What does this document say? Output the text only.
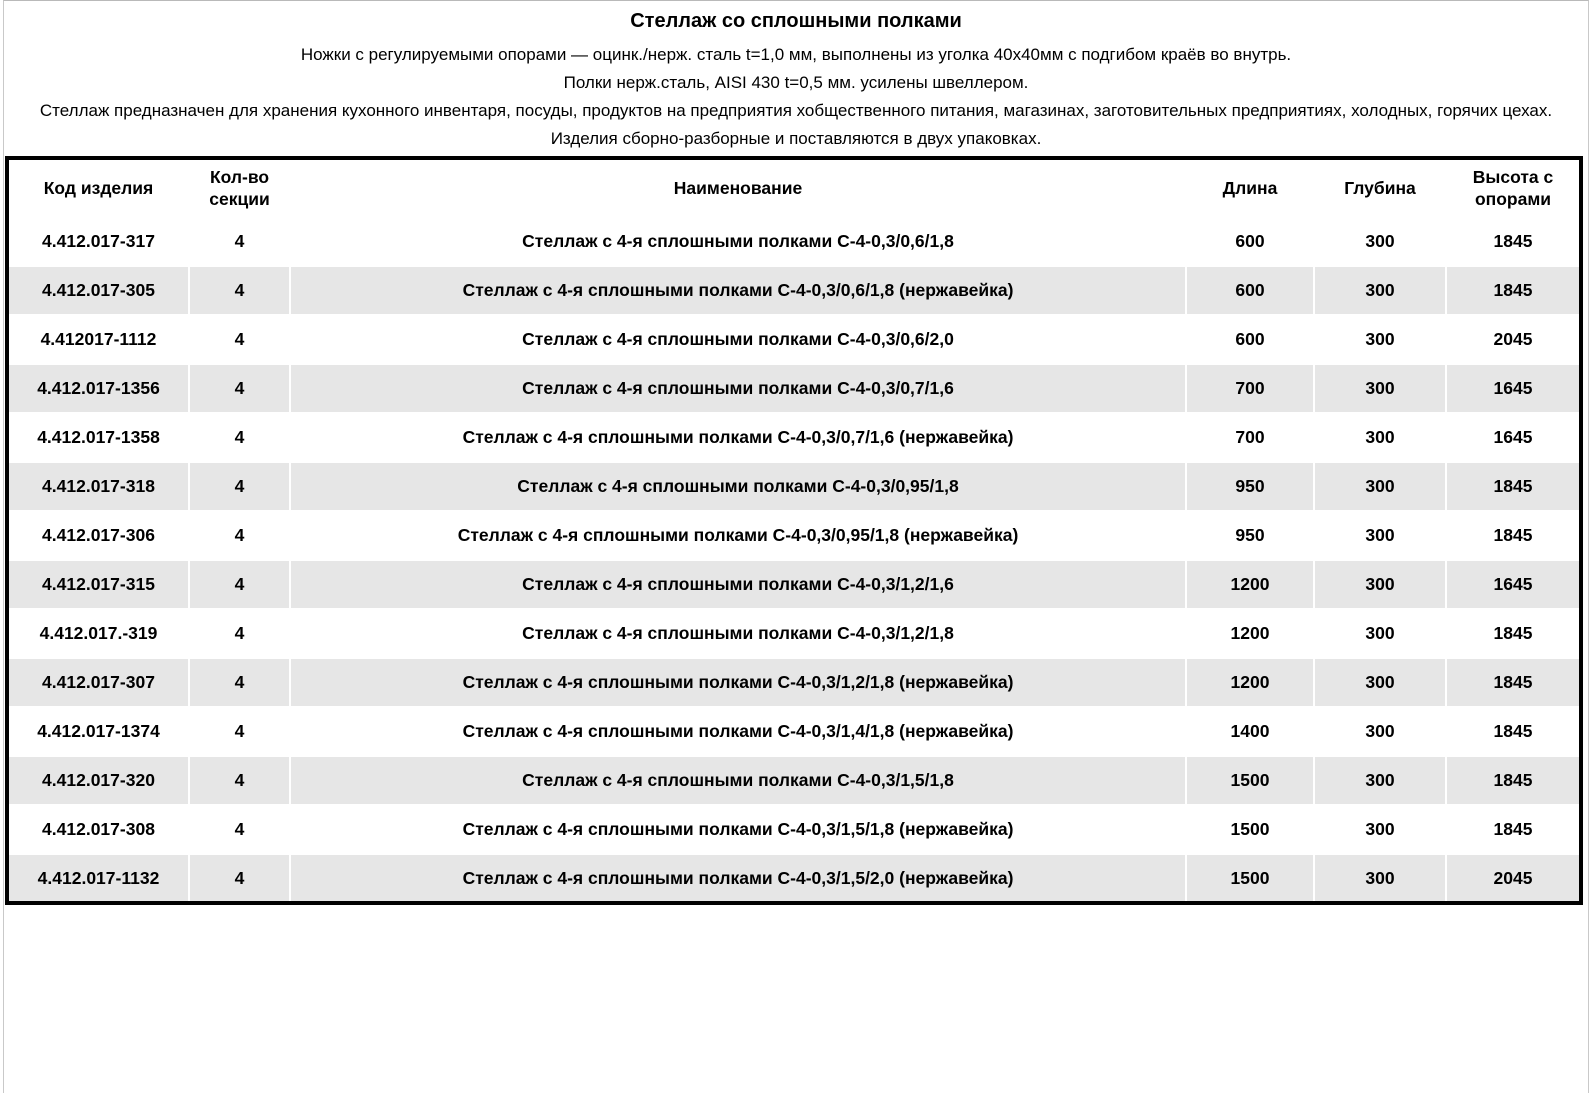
Стеллаж со сплошными полками
Ножки с регулируемыми опорами — оцинк./нерж. сталь t=1,0 мм, выполнены из уголка 40х40мм с подгибом краёв во внутрь.
Полки нерж.сталь, AISI 430 t=0,5 мм. усилены швеллером.
Стеллаж предназначен для хранения кухонного инвентаря, посуды, продуктов на предприятия хобщественного питания, магазинах, заготовительных предприятиях, холодных, горячих цехах. Изделия сборно-разборные и поставляются в двух упаковках.
Код изделия	Кол-во секции	Наименование	Длина	Глубина	Высота с опорами
4.412.017-317	4	Стеллаж с 4-я сплошными полками С-4-0,3/0,6/1,8	600	300	1845
4.412.017-305	4	Стеллаж с 4-я сплошными полками С-4-0,3/0,6/1,8 (нержавейка)	600	300	1845
4.412017-1112	4	Стеллаж с 4-я сплошными полками С-4-0,3/0,6/2,0	600	300	2045
4.412.017-1356	4	Стеллаж с 4-я сплошными полками С-4-0,3/0,7/1,6	700	300	1645
4.412.017-1358	4	Стеллаж с 4-я сплошными полками С-4-0,3/0,7/1,6 (нержавейка)	700	300	1645
4.412.017-318	4	Стеллаж с 4-я сплошными полками С-4-0,3/0,95/1,8	950	300	1845
4.412.017-306	4	Стеллаж с 4-я сплошными полками С-4-0,3/0,95/1,8 (нержавейка)	950	300	1845
4.412.017-315	4	Стеллаж с 4-я сплошными полками С-4-0,3/1,2/1,6	1200	300	1645
4.412.017.-319	4	Стеллаж с 4-я сплошными полками С-4-0,3/1,2/1,8	1200	300	1845
4.412.017-307	4	Стеллаж с 4-я сплошными полками С-4-0,3/1,2/1,8 (нержавейка)	1200	300	1845
4.412.017-1374	4	Стеллаж с 4-я сплошными полками С-4-0,3/1,4/1,8 (нержавейка)	1400	300	1845
4.412.017-320	4	Стеллаж с 4-я сплошными полками С-4-0,3/1,5/1,8	1500	300	1845
4.412.017-308	4	Стеллаж с 4-я сплошными полками С-4-0,3/1,5/1,8 (нержавейка)	1500	300	1845
4.412.017-1132	4	Стеллаж с 4-я сплошными полками С-4-0,3/1,5/2,0 (нержавейка)	1500	300	2045
